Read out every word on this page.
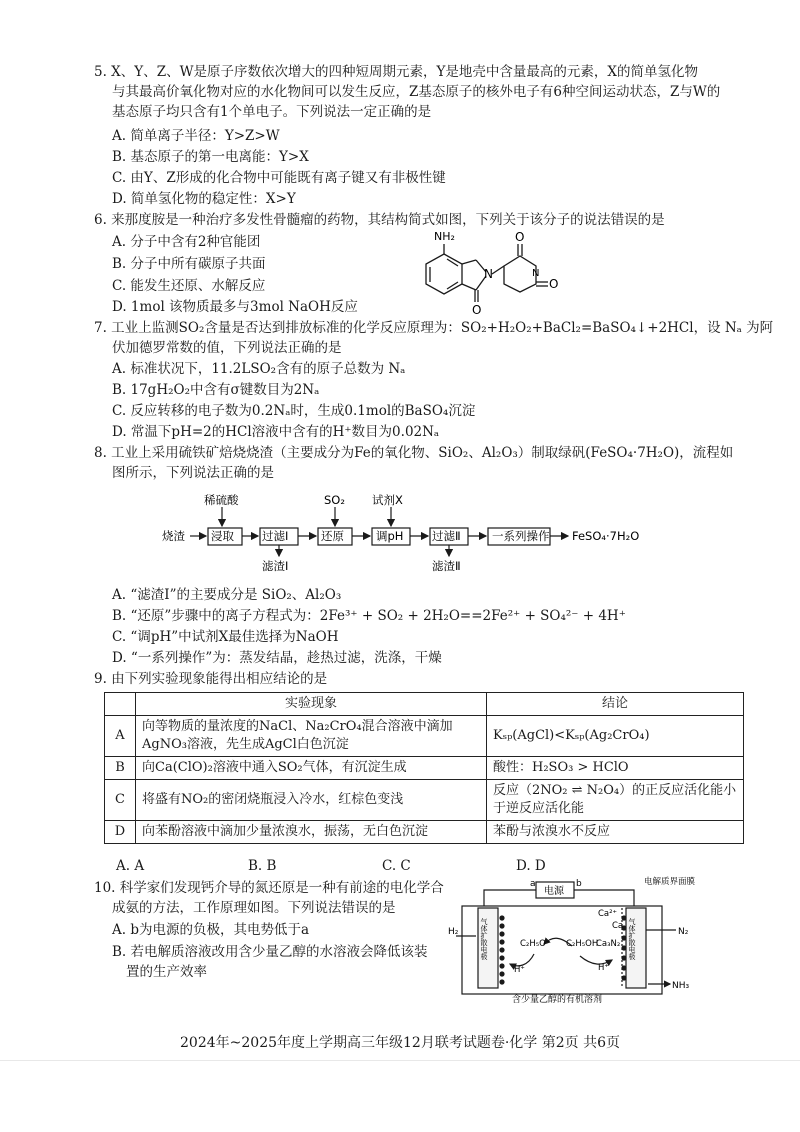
5. X、Y、Z、W是原子序数依次增大的四种短周期元素，Y是地壳中含量最高的元素，X的简单氢化物
与其最高价氧化物对应的水化物间可以发生反应，Z基态原子的核外电子有6种空间运动状态，Z与W的
基态原子均只含有1个单电子。下列说法一定正确的是
A. 简单离子半径：Y>Z>W
B. 基态原子的第一电离能：Y>X
C. 由Y、Z形成的化合物中可能既有离子键又有非极性键
D. 简单氢化物的稳定性：X>Y
6. 来那度胺是一种治疗多发性骨髓瘤的药物，其结构简式如图，下列关于该分子的说法错误的是
A. 分子中含有2种官能团
B. 分子中所有碳原子共面
C. 能发生还原、水解反应
D. 1mol 该物质最多与3mol NaOH反应
NH₂
N
O
O
O
N
7. 工业上监测SO₂含量是否达到排放标准的化学反应原理为：SO₂+H₂O₂+BaCl₂=BaSO₄↓+2HCl，设 Nₐ 为阿
伏加德罗常数的值，下列说法正确的是
A. 标准状况下，11.2LSO₂含有的原子总数为 Nₐ
B. 17gH₂O₂中含有σ键数目为2Nₐ
C. 反应转移的电子数为0.2Nₐ时，生成0.1mol的BaSO₄沉淀
D. 常温下pH=2的HCl溶液中含有的H⁺数目为0.02Nₐ
8. 工业上采用硫铁矿焙烧烧渣（主要成分为Fe的氧化物、SiO₂、Al₂O₃）制取绿矾(FeSO₄·7H₂O)，流程如
图所示，下列说法正确的是
烧渣
稀硫酸
浸取 过滤Ⅰ
滤渣Ⅰ
SO₂
还原
试剂X
调pH 过滤Ⅱ
滤渣Ⅱ
一系列操作 FeSO₄·7H₂O
A. “滤渣Ⅰ”的主要成分是 SiO₂、Al₂O₃
B. “还原”步骤中的离子方程式为：2Fe³⁺ + SO₂ + 2H₂O==2Fe²⁺ + SO₄²⁻ + 4H⁺
C. “调pH”中试剂X最佳选择为NaOH
D. “一系列操作”为：蒸发结晶，趁热过滤，洗涤，干燥
9. 由下列实验现象能得出相应结论的是
	实验现象	结论
A	向等物质的量浓度的NaCl、Na₂CrO₄混合溶液中滴加AgNO₃溶液，先生成AgCl白色沉淀	Kₛₚ(AgCl)<Kₛₚ(Ag₂CrO₄)
B	向Ca(ClO)₂溶液中通入SO₂气体，有沉淀生成	酸性：H₂SO₃ > HClO
C	将盛有NO₂的密闭烧瓶浸入冷水，红棕色变浅	反应（2NO₂ ⇌ N₂O₄）的正反应活化能小于逆反应活化能
D	向苯酚溶液中滴加少量浓溴水，振荡，无白色沉淀	苯酚与浓溴水不反应
A. A	B. B	C. C	D. D
10. 科学家们发现钙介导的氮还原是一种有前途的电化学合
成氨的方法，工作原理如图。下列说法错误的是
A. b为电源的负极，其电势低于a
B. 若电解质溶液改用含少量乙醇的水溶液会降低该装
置的生产效率
a	b
电源
电解质界面膜
H₂	N₂
NH₃
Ca²⁺
Ca
C₂H₅O⁻ C₂H₅OH
Ca₃N₂
H⁺	H⁺
气体扩散电极	气体扩散电极
含少量乙醇的有机溶剂
2024年~2025年度上学期高三年级12月联考试题卷·化学 第2页 共6页
